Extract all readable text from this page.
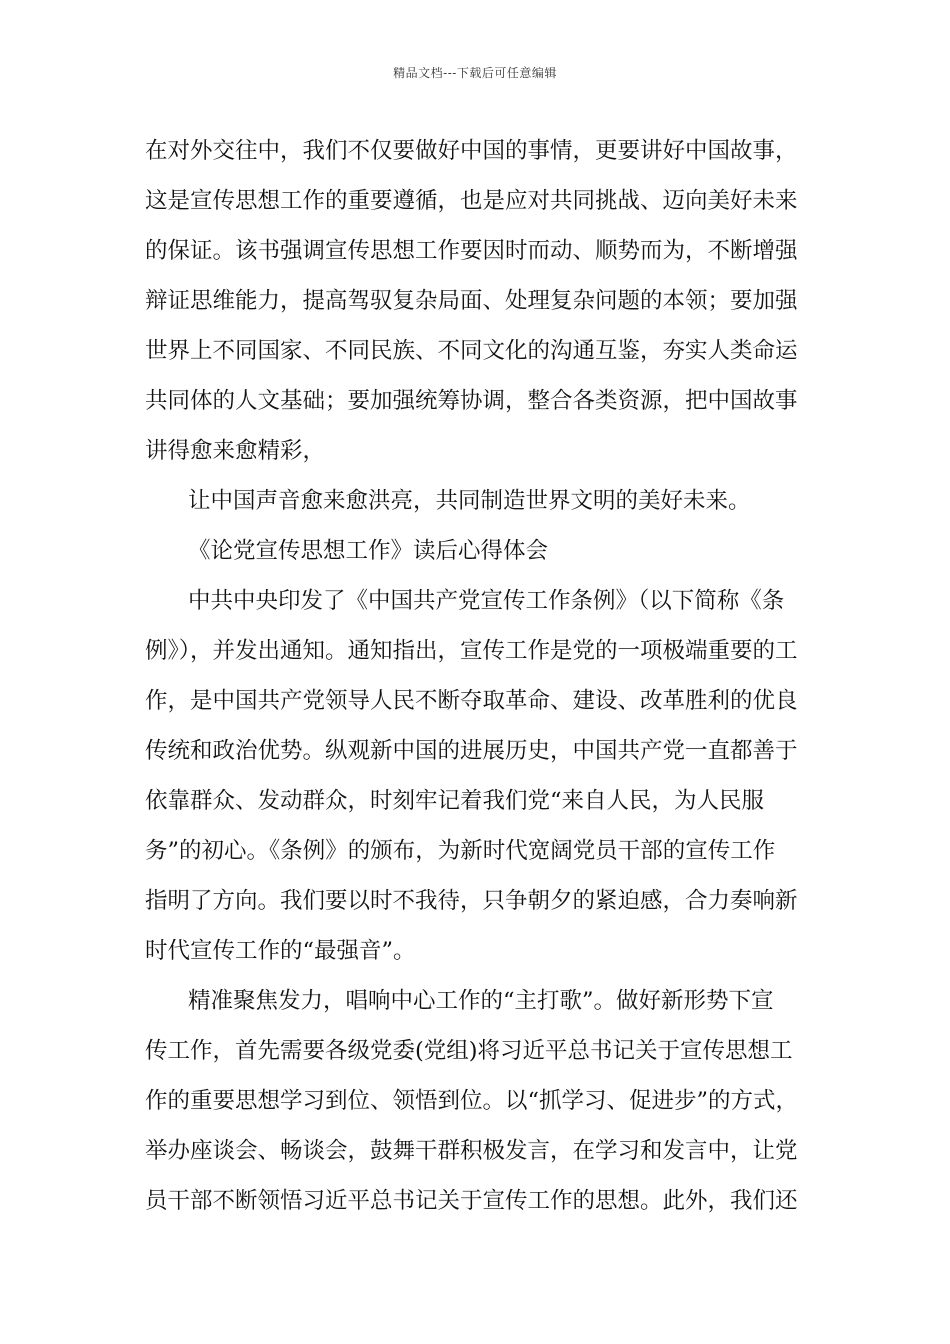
精品文档---下载后可任意编辑
在对外交往中，我们不仅要做好中国的事情，更要讲好中国故事，
这是宣传思想工作的重要遵循，也是应对共同挑战、迈向美好未来
的保证。该书强调宣传思想工作要因时而动、顺势而为，不断增强
辩证思维能力，提高驾驭复杂局面、处理复杂问题的本领；要加强
世界上不同国家、不同民族、不同文化的沟通互鉴，夯实人类命运
共同体的人文基础；要加强统筹协调，整合各类资源，把中国故事
讲得愈来愈精彩，
让中国声音愈来愈洪亮，共同制造世界文明的美好未来。
《论党宣传思想工作》读后心得体会
中共中央印发了《中国共产党宣传工作条例》（以下简称《条
例》），并发出通知。通知指出，宣传工作是党的一项极端重要的工
作，是中国共产党领导人民不断夺取革命、建设、改革胜利的优良
传统和政治优势。纵观新中国的进展历史，中国共产党一直都善于
依靠群众、发动群众，时刻牢记着我们党“来自人民，为人民服
务”的初心。《条例》的颁布，为新时代宽阔党员干部的宣传工作
指明了方向。我们要以时不我待，只争朝夕的紧迫感，合力奏响新
时代宣传工作的“最强音”。
精准聚焦发力，唱响中心工作的“主打歌”。做好新形势下宣
传工作，首先需要各级党委(党组)将习近平总书记关于宣传思想工
作的重要思想学习到位、领悟到位。以“抓学习、促进步”的方式，
举办座谈会、畅谈会，鼓舞干群积极发言，在学习和发言中，让党
员干部不断领悟习近平总书记关于宣传工作的思想。此外，我们还
